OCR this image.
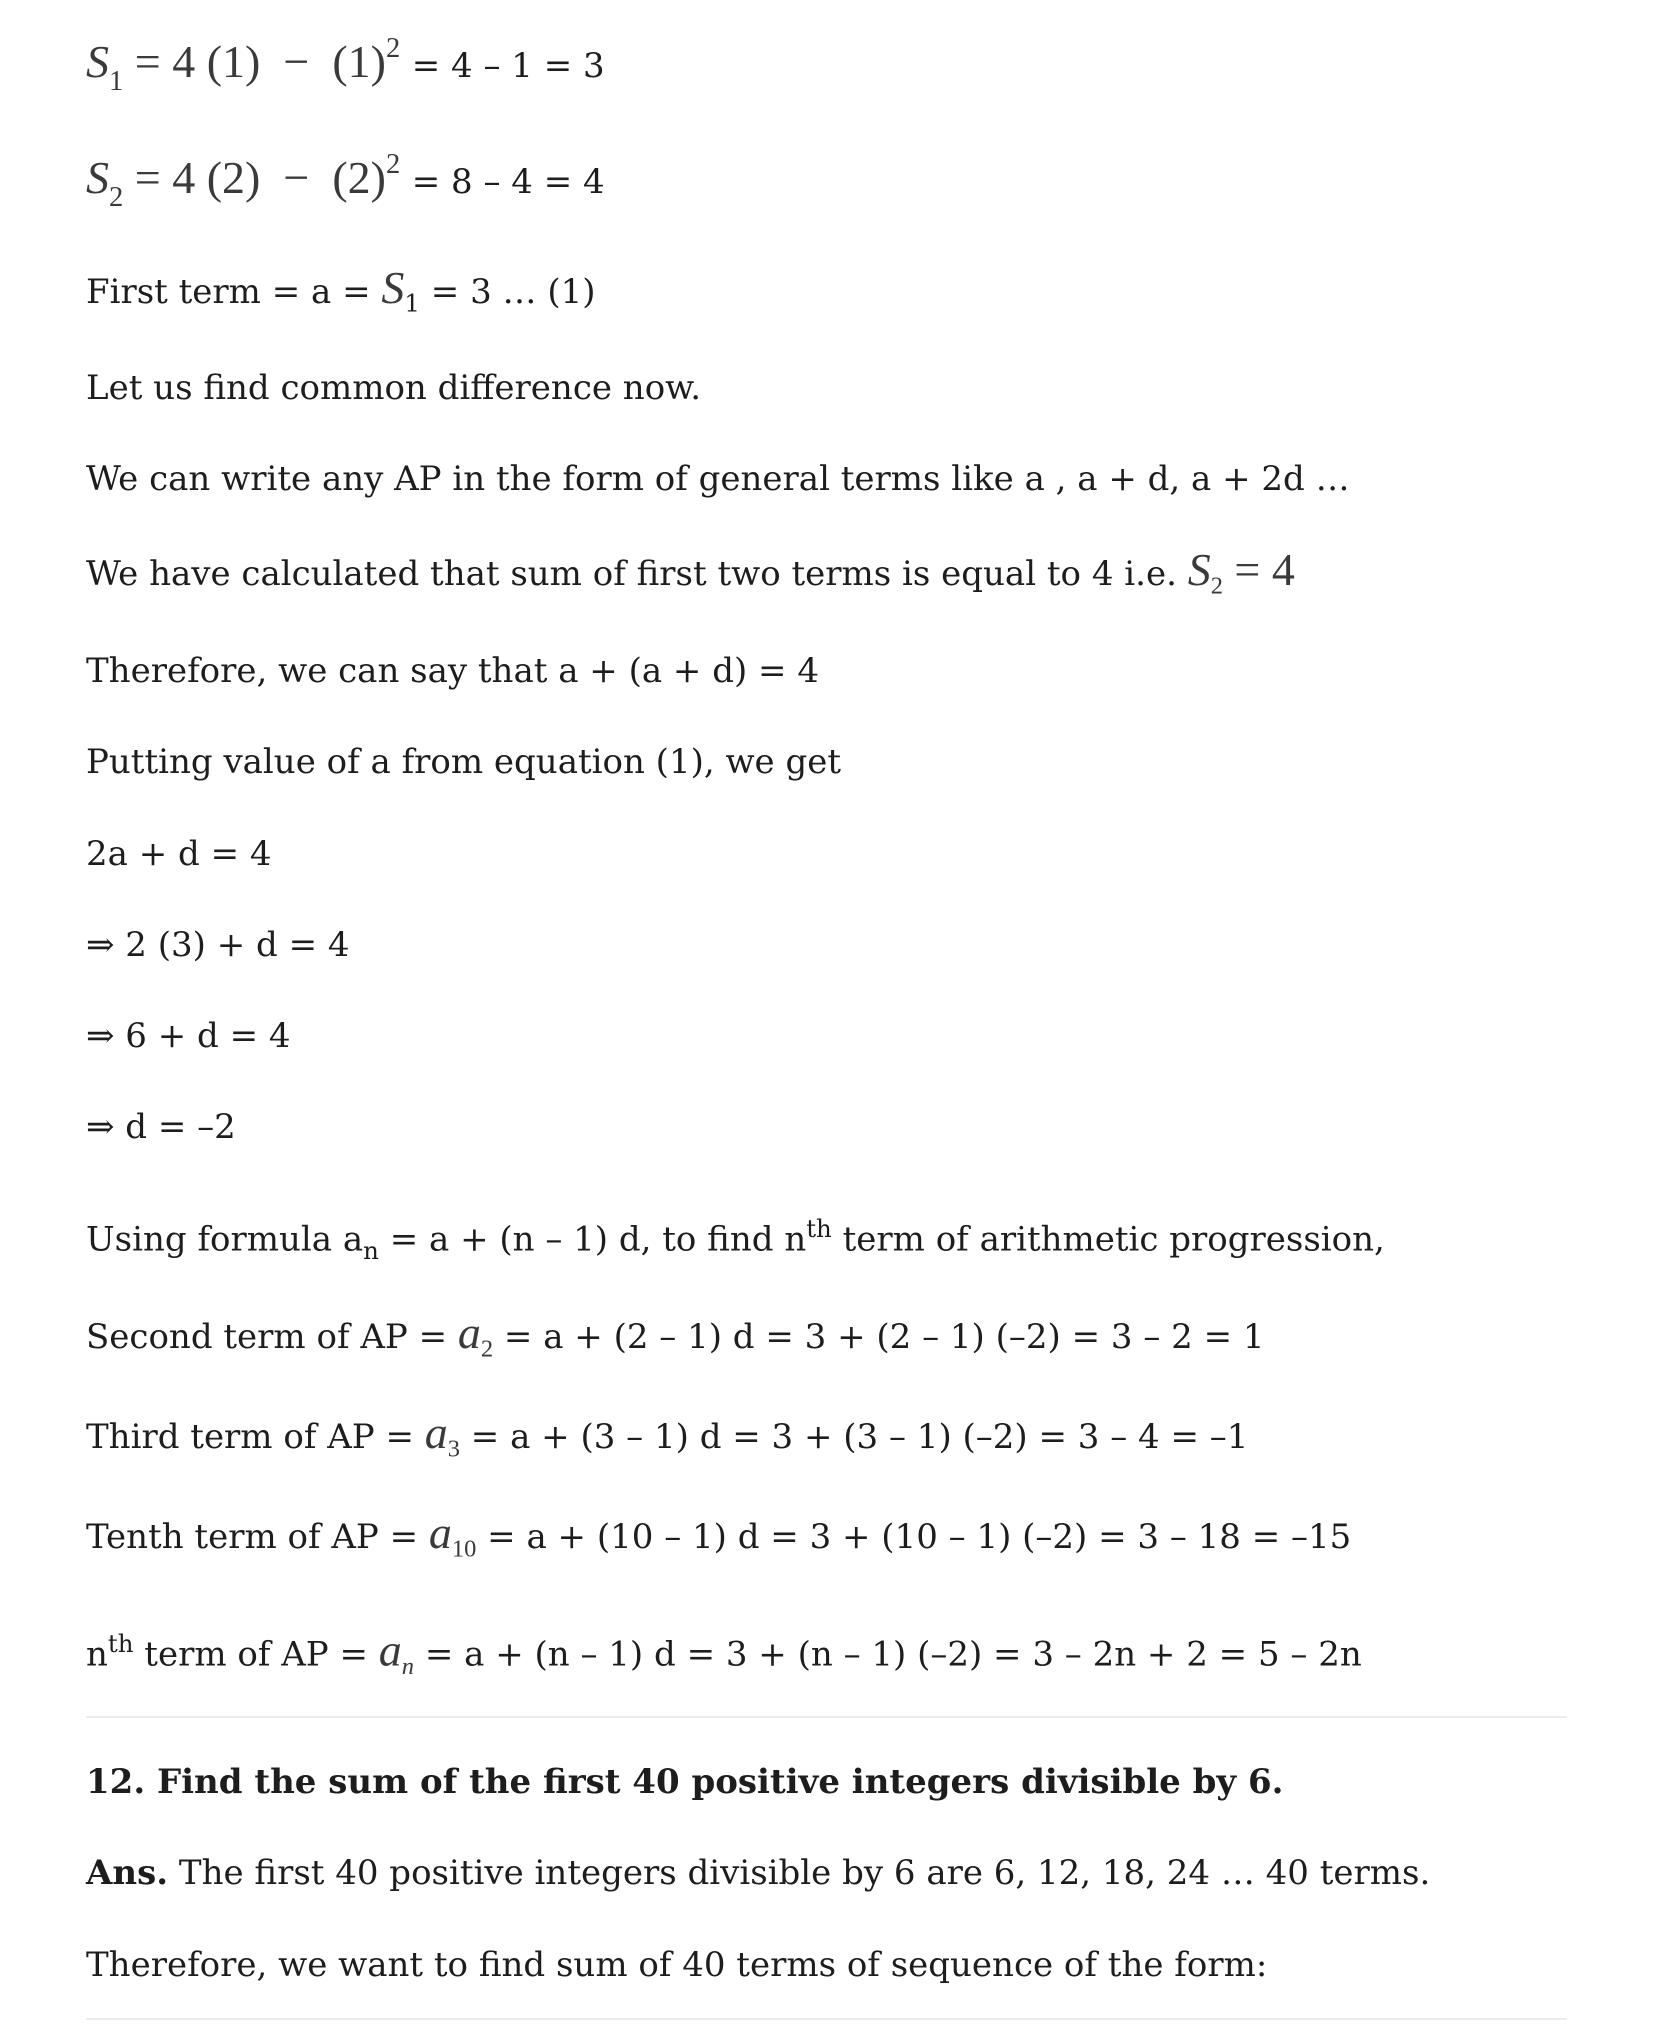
$S_1 = 4$ $(1) - (1)^2 = 4 - 1 = 3$
$S_2 = 4$ $(2) - (2)^2 = 8 - 4 = 4$
First term = $a = S_1 = 3$ … (1)
Let us find common difference now.
We can write any AP in the form of general terms like a , a + d, a + 2d …
We have calculated that sum of first two terms is equal to 4 i.e. $S_2 = 4$
Therefore, we can say that a + (a + d) = 4
Putting value of a from equation (1), we get
2a + d = 4
⇒ 2 (3) + d = 4
⇒ 6 + d = 4
⇒ d = –2
Using formula $a_n = a + (n - 1)$ d, to find $n^{th}$ term of arithmetic progression,
Second term of AP = $a_2 = a + (2 - 1) d = 3 + (2 - 1) (-2) = 3 - 2 = 1$
Third term of AP = $a_3 = a + (3 - 1) d = 3 + (3 - 1) (-2) = 3 - 4 = -1$
Tenth term of AP = $a_{10} = a + (10 - 1) d = 3 + (10 - 1) (-2) = 3 - 18 = -15$
$n^{th}$ term of AP = $a_n = a + (n - 1) d = 3 + (n - 1) (-2) = 3 - 2n + 2 = 5 - 2n$
12. Find the sum of the first 40 positive integers divisible by 6.
Ans. The first 40 positive integers divisible by 6 are 6, 12, 18, 24 … 40 terms.
Therefore, we want to find sum of 40 terms of sequence of the form:
